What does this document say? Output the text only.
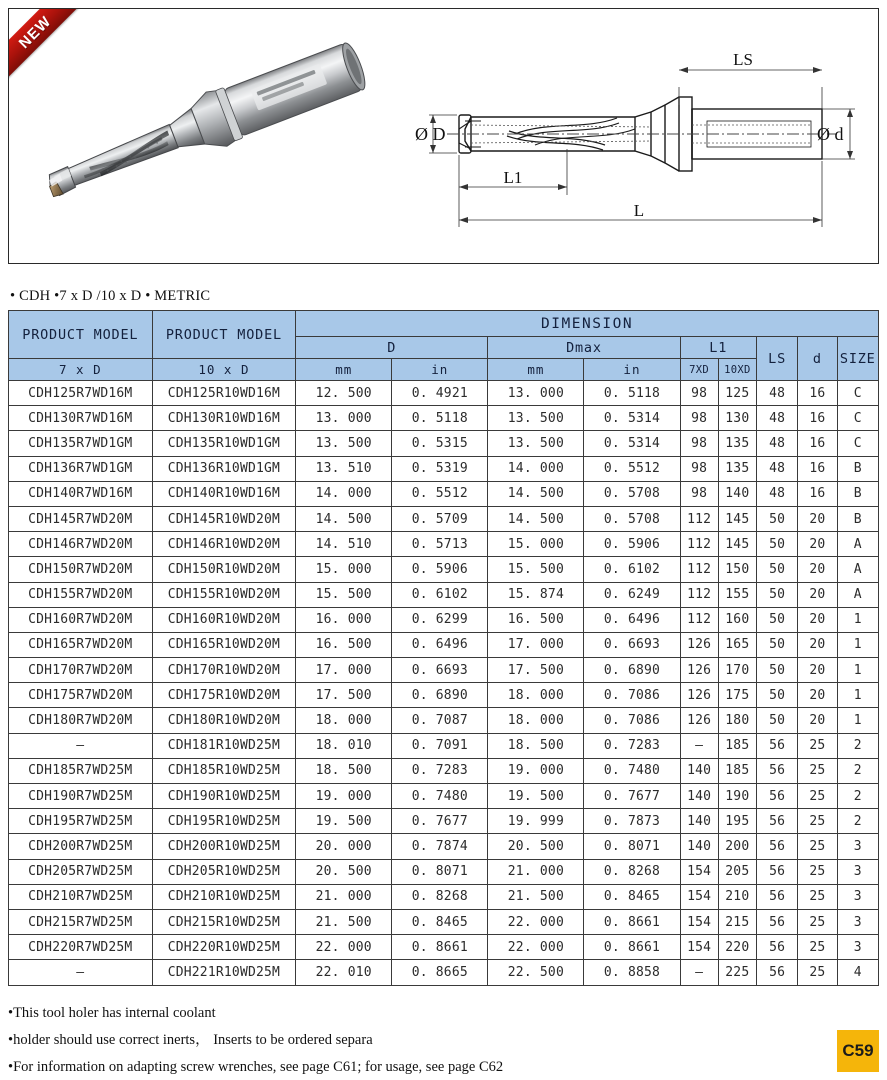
NEW
LS
Ø D	Ø d
L1
L
• CDH •7 x D /10 x D • METRIC
PRODUCT MODEL	PRODUCT MODEL	DIMENSION								
		D		Dmax		L1		LS	d	SIZE
7 x D	10 x D	mm	in	mm	in	7XD	10XD			
CDH125R7WD16M	CDH125R10WD16M	12. 500	0. 4921	13. 000	0. 5118	98	125	48	16	C
CDH130R7WD16M	CDH130R10WD16M	13. 000	0. 5118	13. 500	0. 5314	98	130	48	16	C
CDH135R7WD1GM	CDH135R10WD1GM	13. 500	0. 5315	13. 500	0. 5314	98	135	48	16	C
CDH136R7WD1GM	CDH136R10WD1GM	13. 510	0. 5319	14. 000	0. 5512	98	135	48	16	B
CDH140R7WD16M	CDH140R10WD16M	14. 000	0. 5512	14. 500	0. 5708	98	140	48	16	B
CDH145R7WD20M	CDH145R10WD20M	14. 500	0. 5709	14. 500	0. 5708	112	145	50	20	B
CDH146R7WD20M	CDH146R10WD20M	14. 510	0. 5713	15. 000	0. 5906	112	145	50	20	A
CDH150R7WD20M	CDH150R10WD20M	15. 000	0. 5906	15. 500	0. 6102	112	150	50	20	A
CDH155R7WD20M	CDH155R10WD20M	15. 500	0. 6102	15. 874	0. 6249	112	155	50	20	A
CDH160R7WD20M	CDH160R10WD20M	16. 000	0. 6299	16. 500	0. 6496	112	160	50	20	1
CDH165R7WD20M	CDH165R10WD20M	16. 500	0. 6496	17. 000	0. 6693	126	165	50	20	1
CDH170R7WD20M	CDH170R10WD20M	17. 000	0. 6693	17. 500	0. 6890	126	170	50	20	1
CDH175R7WD20M	CDH175R10WD20M	17. 500	0. 6890	18. 000	0. 7086	126	175	50	20	1
CDH180R7WD20M	CDH180R10WD20M	18. 000	0. 7087	18. 000	0. 7086	126	180	50	20	1
—	CDH181R10WD25M	18. 010	0. 7091	18. 500	0. 7283	—	185	56	25	2
CDH185R7WD25M	CDH185R10WD25M	18. 500	0. 7283	19. 000	0. 7480	140	185	56	25	2
CDH190R7WD25M	CDH190R10WD25M	19. 000	0. 7480	19. 500	0. 7677	140	190	56	25	2
CDH195R7WD25M	CDH195R10WD25M	19. 500	0. 7677	19. 999	0. 7873	140	195	56	25	2
CDH200R7WD25M	CDH200R10WD25M	20. 000	0. 7874	20. 500	0. 8071	140	200	56	25	3
CDH205R7WD25M	CDH205R10WD25M	20. 500	0. 8071	21. 000	0. 8268	154	205	56	25	3
CDH210R7WD25M	CDH210R10WD25M	21. 000	0. 8268	21. 500	0. 8465	154	210	56	25	3
CDH215R7WD25M	CDH215R10WD25M	21. 500	0. 8465	22. 000	0. 8661	154	215	56	25	3
CDH220R7WD25M	CDH220R10WD25M	22. 000	0. 8661	22. 000	0. 8661	154	220	56	25	3
—	CDH221R10WD25M	22. 010	0. 8665	22. 500	0. 8858	—	225	56	25	4
•This tool holer has internal coolant
•holder should use correct inerts， Inserts to be ordered separa
•For information on adapting screw wrenches, see page C61; for usage, see page C62
C59
